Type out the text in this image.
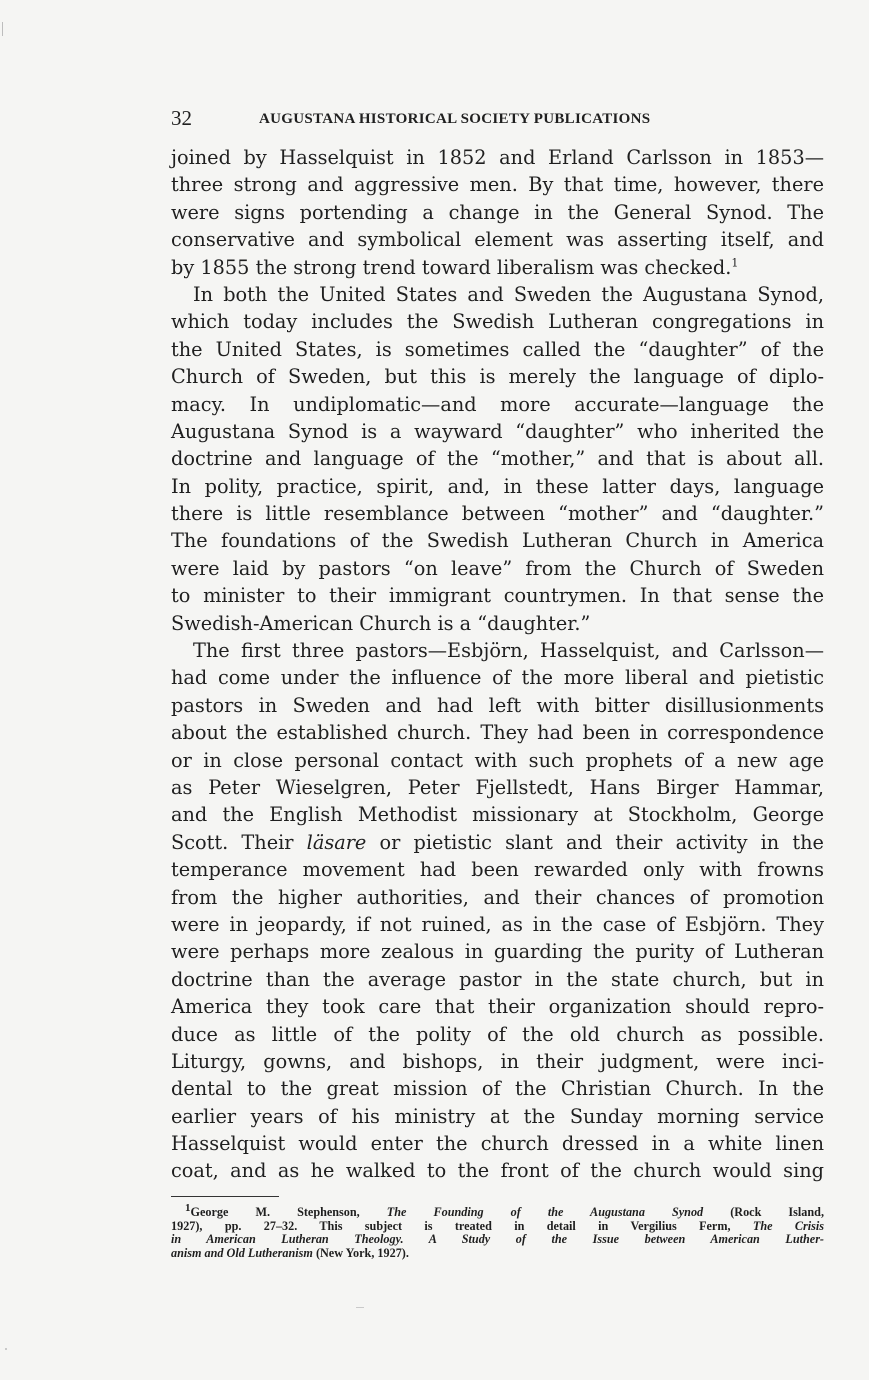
32	AUGUSTANA HISTORICAL SOCIETY PUBLICATIONS
joined by Hasselquist in 1852 and Erland Carlsson in 1853—
three strong and aggressive men. By that time, however, there
were signs portending a change in the General Synod. The
conservative and symbolical element was asserting itself, and
by 1855 the strong trend toward liberalism was checked.$^1$
In both the United States and Sweden the Augustana Synod,
which today includes the Swedish Lutheran congregations in
the United States, is sometimes called the “daughter” of the
Church of Sweden, but this is merely the language of diplo-
macy. In undiplomatic—and more accurate—language the
Augustana Synod is a wayward “daughter” who inherited the
doctrine and language of the “mother,” and that is about all.
In polity, practice, spirit, and, in these latter days, language
there is little resemblance between “mother” and “daughter.”
The foundations of the Swedish Lutheran Church in America
were laid by pastors “on leave” from the Church of Sweden
to minister to their immigrant countrymen. In that sense the
Swedish-American Church is a “daughter.”
The first three pastors—Esbjörn, Hasselquist, and Carlsson—
had come under the influence of the more liberal and pietistic
pastors in Sweden and had left with bitter disillusionments
about the established church. They had been in correspondence
or in close personal contact with such prophets of a new age
as Peter Wieselgren, Peter Fjellstedt, Hans Birger Hammar,
and the English Methodist missionary at Stockholm, George
Scott. Their läsare or pietistic slant and their activity in the
temperance movement had been rewarded only with frowns
from the higher authorities, and their chances of promotion
were in jeopardy, if not ruined, as in the case of Esbjörn. They
were perhaps more zealous in guarding the purity of Lutheran
doctrine than the average pastor in the state church, but in
America they took care that their organization should repro-
duce as little of the polity of the old church as possible.
Liturgy, gowns, and bishops, in their judgment, were inci-
dental to the great mission of the Christian Church. In the
earlier years of his ministry at the Sunday morning service
Hasselquist would enter the church dressed in a white linen
coat, and as he walked to the front of the church would sing
1George M. Stephenson, The Founding of the Augustana Synod (Rock Island,
1927), pp. 27–32. This subject is treated in detail in Vergilius Ferm, The Crisis
in American Lutheran Theology. A Study of the Issue between American Luther-
anism and Old Lutheranism (New York, 1927).
